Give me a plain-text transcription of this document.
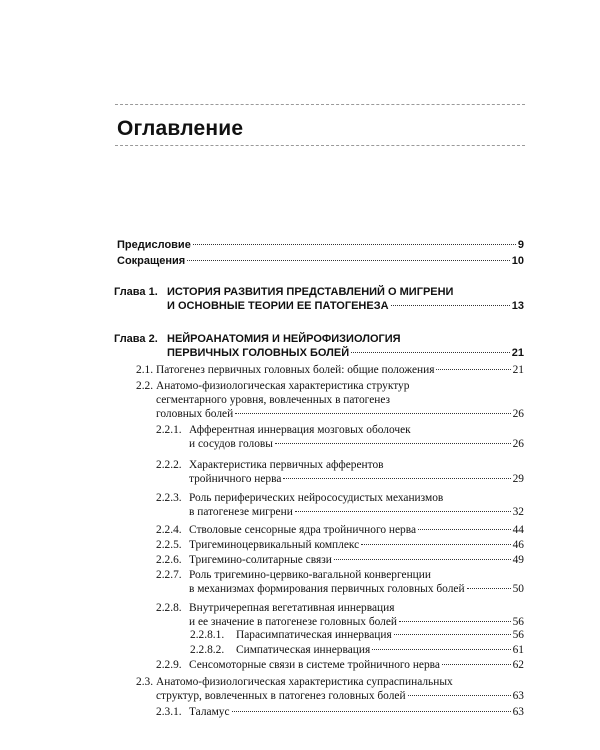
Оглавление
Предисловие	9
Сокращения	10
Глава 1. ИСТОРИЯ РАЗВИТИЯ ПРЕДСТАВЛЕНИЙ О МИГРЕНИ
И ОСНОВНЫЕ ТЕОРИИ ЕЕ ПАТОГЕНЕЗА	13
Глава 2. НЕЙРОАНАТОМИЯ И НЕЙРОФИЗИОЛОГИЯ
ПЕРВИЧНЫХ ГОЛОВНЫХ БОЛЕЙ	21
2.1. Патогенез первичных головных болей: общие положения	21
2.2. Анатомо-физиологическая характеристика структур
сегментарного уровня, вовлеченных в патогенез
головных болей	26
2.2.1. Афферентная иннервация мозговых оболочек
и сосудов головы	26
2.2.2. Характеристика первичных афферентов
тройничного нерва	29
2.2.3. Роль периферических нейрососудистых механизмов
в патогенезе мигрени	32
2.2.4. Стволовые сенсорные ядра тройничного нерва	44
2.2.5. Тригеминоцервикальный комплекс	46
2.2.6. Тригемино-солитарные связи	49
2.2.7. Роль тригемино-цервико-вагальной конвергенции
в механизмах формирования первичных головных болей	50
2.2.8. Внутричерепная вегетативная иннервация
и ее значение в патогенезе головных болей	56
2.2.8.1.	Парасимпатическая иннервация	56
2.2.8.2.	Симпатическая иннервация	61
2.2.9. Сенсомоторные связи в системе тройничного нерва	62
2.3. Анатомо-физиологическая характеристика супраспинальных
структур, вовлеченных в патогенез головных болей	63
2.3.1. Таламус	63
